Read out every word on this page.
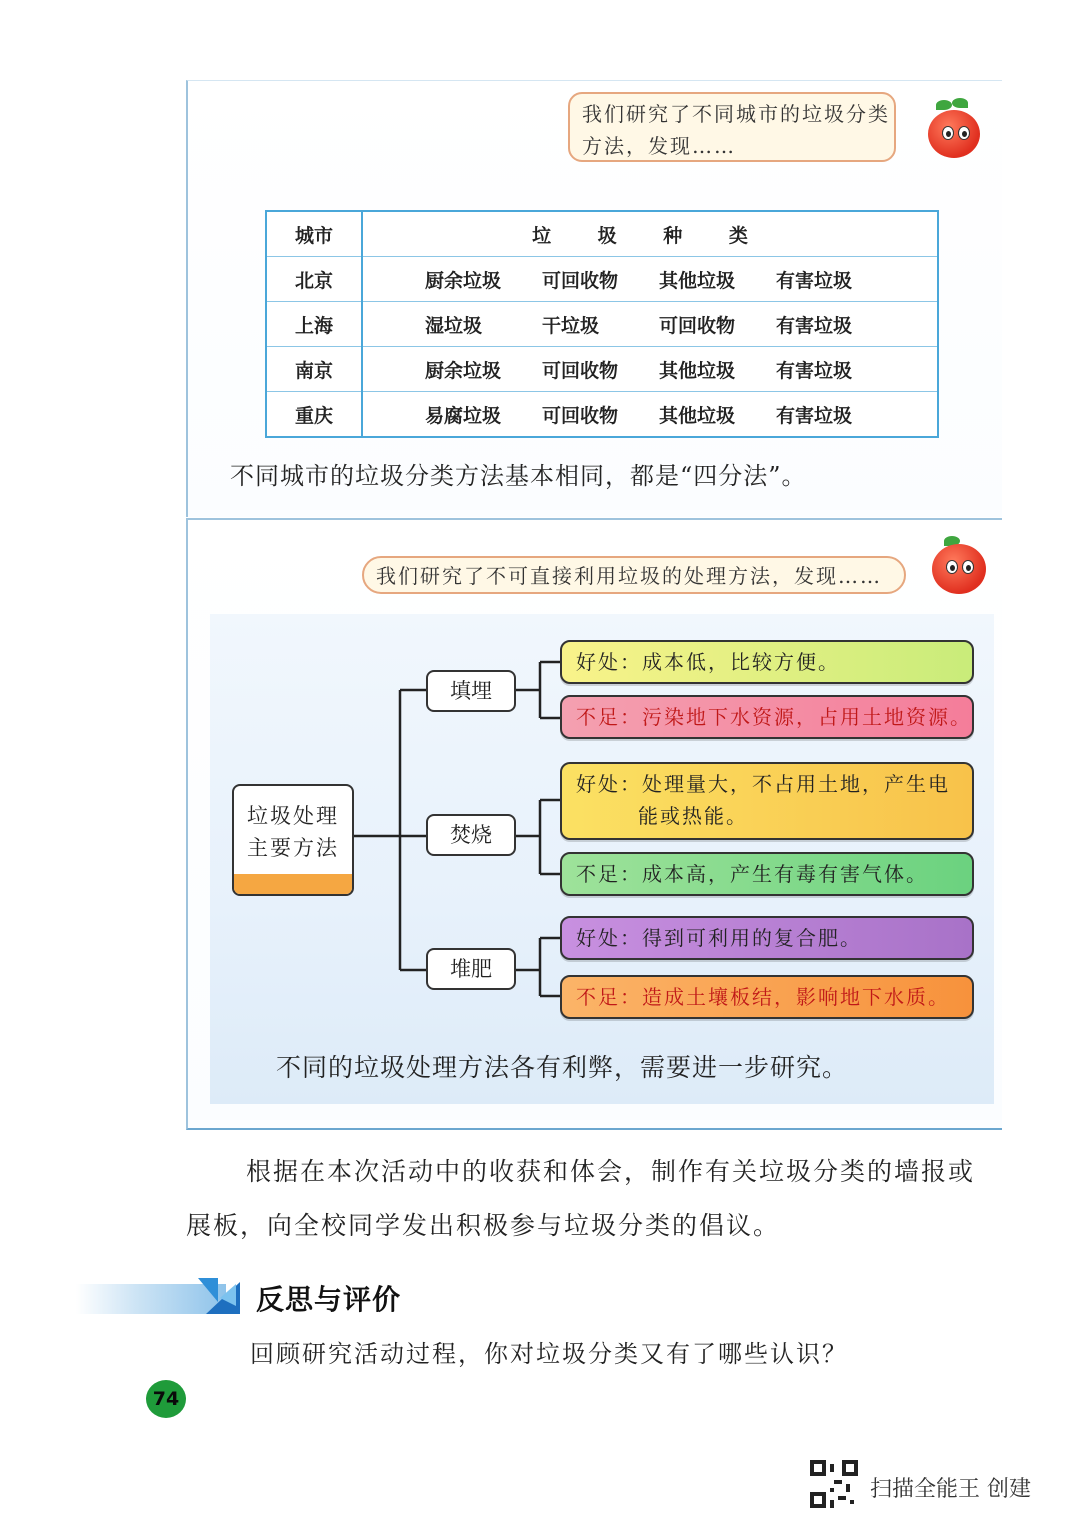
我们研究了不同城市的垃圾分类
方法，发现……
城市	垃 圾 种 类
北京	厨余垃圾 可回收物 其他垃圾 有害垃圾
上海	湿垃圾 干垃圾 可回收物 有害垃圾
南京	厨余垃圾 可回收物 其他垃圾 有害垃圾
重庆	易腐垃圾 可回收物 其他垃圾 有害垃圾
不同城市的垃圾分类方法基本相同，都是“四分法”。
我们研究了不可直接利用垃圾的处理方法，发现……
垃圾处理
主要方法
填埋
焚烧
堆肥
好处：成本低，比较方便。
不足：污染地下水资源，占用土地资源。
好处：处理量大，不占用土地，产生电
能或热能。
不足：成本高，产生有毒有害气体。
好处：得到可利用的复合肥。
不足：造成土壤板结，影响地下水质。
不同的垃圾处理方法各有利弊，需要进一步研究。
根据在本次活动中的收获和体会，制作有关垃圾分类的墙报或
展板，向全校同学发出积极参与垃圾分类的倡议。
反思与评价
回顾研究活动过程，你对垃圾分类又有了哪些认识？
74
扫描全能王 创建
